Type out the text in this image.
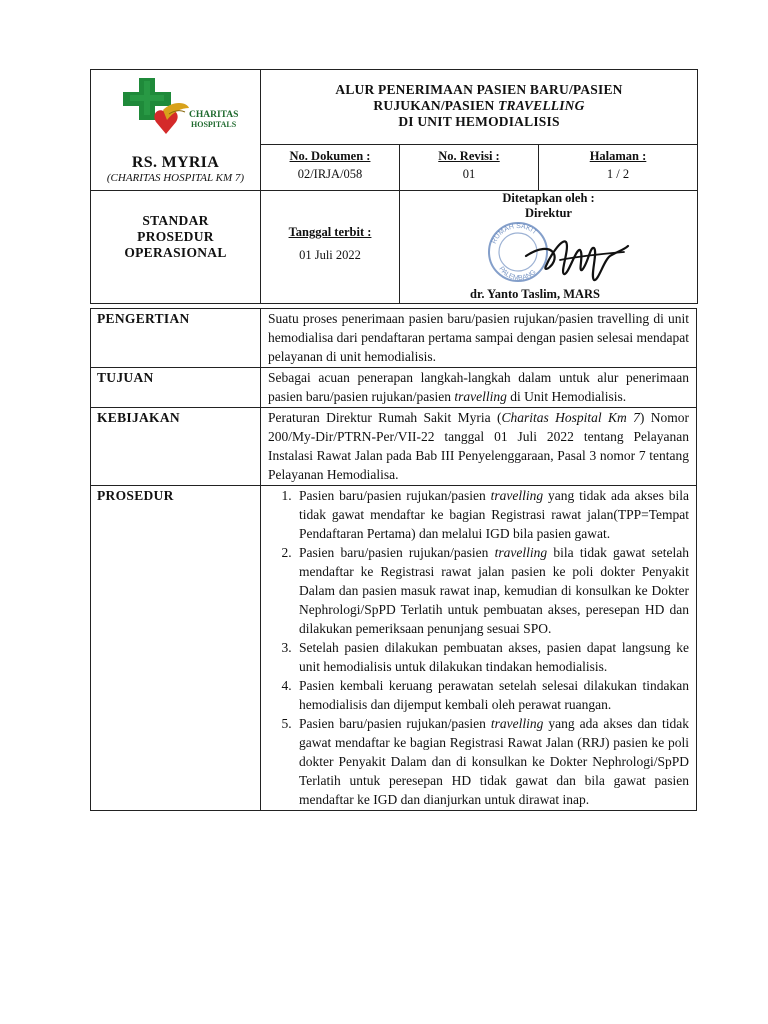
CHARITAS
HOSPITALS
RS. MYRIA
(CHARITAS HOSPITAL KM 7)

ALUR PENERIMAAN PASIEN BARU/PASIEN
RUJUKAN/PASIEN TRAVELLING
DI UNIT HEMODIALISIS

No. Dokumen :
02/IRJA/058

No. Revisi :
01

Halaman :
1 / 2

STANDAR
PROSEDUR
OPERASIONAL

Tanggal terbit :
01 Juli 2022

Ditetapkan oleh :
Direktur
RUMAH SAKIT
PALEMBANG
dr. Yanto Taslim, MARS
PENGERTIAN	Suatu proses penerimaan pasien baru/pasien rujukan/pasien travelling di unit hemodialisa dari pendaftaran pertama sampai dengan pasien selesai mendapat pelayanan di unit hemodialisis.
TUJUAN	Sebagai acuan penerapan langkah-langkah dalam untuk alur penerimaan pasien baru/pasien rujukan/pasien travelling di Unit Hemodialisis.
KEBIJAKAN	Peraturan Direktur Rumah Sakit Myria (Charitas Hospital Km 7) Nomor 200/My-Dir/PTRN-Per/VII-22 tanggal 01 Juli 2022 tentang Pelayanan Instalasi Rawat Jalan pada Bab III Penyelenggaraan, Pasal 3 nomor 7 tentang Pelayanan Hemodialisa.
PROSEDUR
1.	Pasien baru/pasien rujukan/pasien travelling yang tidak ada akses bila tidak gawat mendaftar ke bagian Registrasi rawat jalan(TPP=Tempat Pendaftaran Pertama) dan melalui IGD bila pasien gawat.
2. Pasien baru/pasien rujukan/pasien travelling bila tidak gawat setelah mendaftar ke Registrasi rawat jalan pasien ke poli dokter Penyakit Dalam dan pasien masuk rawat inap, kemudian di konsulkan ke Dokter Nephrologi/SpPD Terlatih untuk pembuatan akses, peresepan HD dan dilakukan pemeriksaan penunjang sesuai SPO.
3. Setelah pasien dilakukan pembuatan akses, pasien dapat langsung ke unit hemodialisis untuk dilakukan tindakan hemodialisis.
4. Pasien kembali keruang perawatan setelah selesai dilakukan tindakan hemodialisis dan dijemput kembali oleh perawat ruangan.
5. Pasien baru/pasien rujukan/pasien travelling yang ada akses dan tidak gawat mendaftar ke bagian Registrasi Rawat Jalan (RRJ) pasien ke poli dokter Penyakit Dalam dan di konsulkan ke Dokter Nephrologi/SpPD Terlatih untuk peresepan HD tidak gawat dan bila gawat pasien mendaftar ke IGD dan dianjurkan untuk dirawat inap.
